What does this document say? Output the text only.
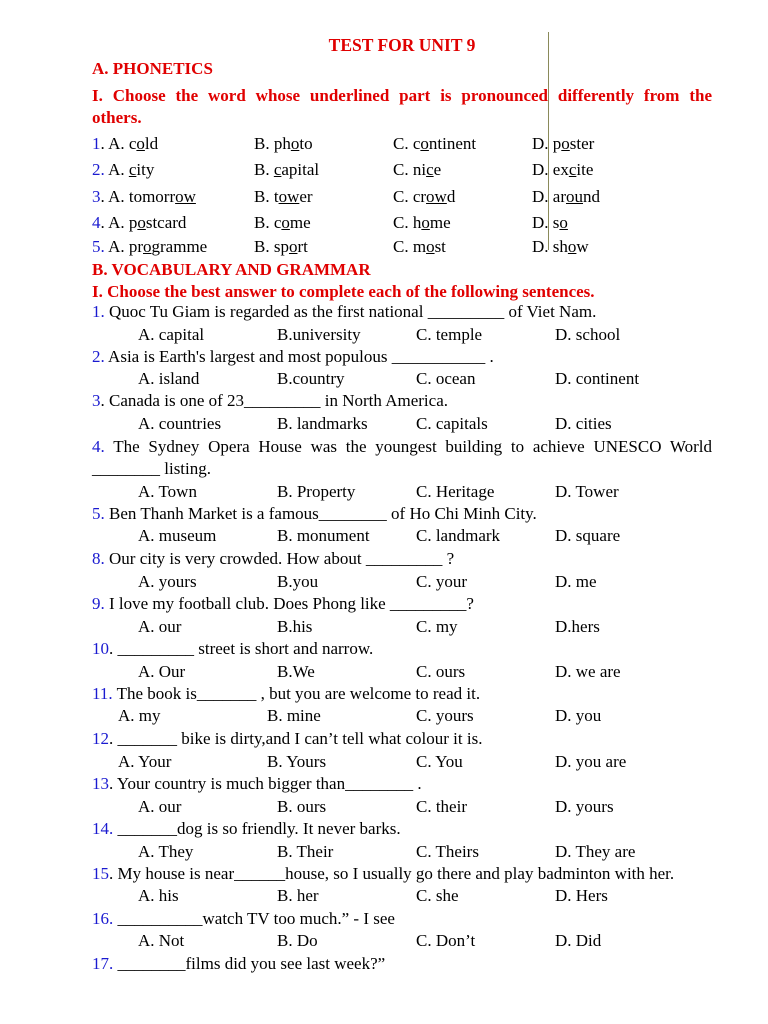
TEST FOR UNIT 9
A. PHONETICS
I. Choose the word whose underlined part is pronounced differently from the
others.
1. A. cold	B. photo	C. continent	D. poster
2. A. city	B. capital	C. nice	D. excite
3. A. tomorrow	B. tower	C. crowd	D. around
4. A. postcard	B. come	C. home	D. so
5. A. programme	B. sport	C. most	D. show
B. VOCABULARY AND GRAMMAR
I. Choose the best answer to complete each of the following sentences.
1. Quoc Tu Giam is regarded as the first national _________ of Viet Nam.
A. capital	B.university	C. temple	D. school
2. Asia is Earth's largest and most populous ___________ .
A. island	B.country	C. ocean	D. continent
3. Canada is one of 23_________ in North America.
A. countries	B. landmarks	C. capitals	D. cities
4. The Sydney Opera House was the youngest building to achieve UNESCO World
________ listing.
A. Town	B. Property	C. Heritage	D. Tower
5. Ben Thanh Market is a famous________ of Ho Chi Minh City.
A. museum	B. monument	C. landmark	D. square
8. Our city is very crowded. How about _________ ?
A. yours	B.you	C. your	D. me
9. I love my football club. Does Phong like _________?
A. our	B.his	C. my	D.hers
10. _________ street is short and narrow.
A. Our	B.We	C. ours	D. we are
11. The book is_______ , but you are welcome to read it.
A. my	B. mine	C. yours	D. you
12. _______ bike is dirty,and I can’t tell what colour it is.
A. Your	B. Yours	C. You	D. you are
13. Your country is much bigger than________ .
A. our	B. ours	C. their	D. yours
14. _______dog is so friendly. It never barks.
A. They	B. Their	C. Theirs	D. They are
15. My house is near______house, so I usually go there and play badminton with her.
A. his	B. her	C. she	D. Hers
16. __________watch TV too much.” - I see
A. Not	B. Do	C. Don’t	D. Did
17. ________films did you see last week?”
